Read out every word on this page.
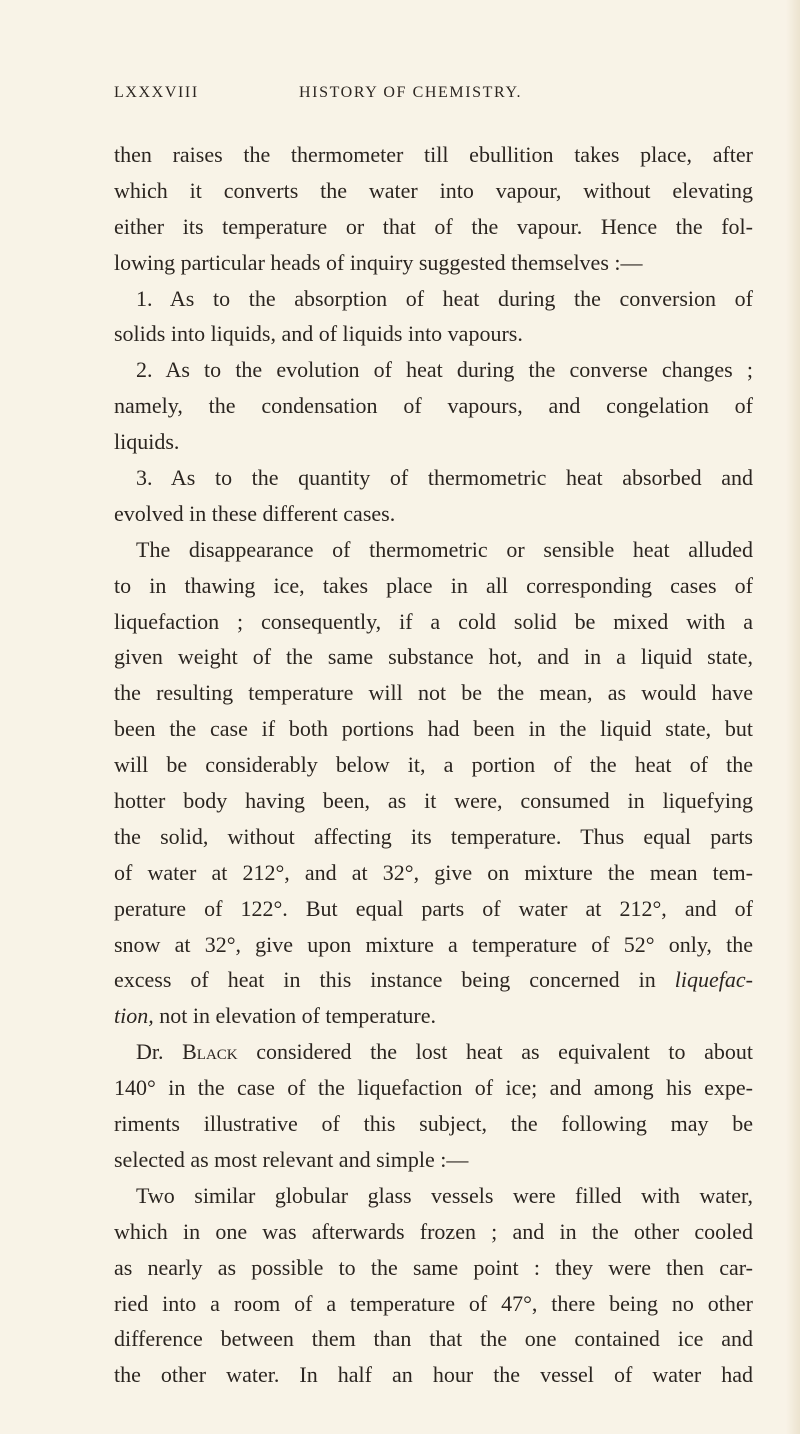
LXXXVIII	HISTORY OF CHEMISTRY.
then raises the thermometer till ebullition takes place, after
which it converts the water into vapour, without elevating
either its temperature or that of the vapour. Hence the fol-
lowing particular heads of inquiry suggested themselves :—
1. As to the absorption of heat during the conversion of
solids into liquids, and of liquids into vapours.
2. As to the evolution of heat during the converse changes ;
namely, the condensation of vapours, and congelation of
liquids.
3. As to the quantity of thermometric heat absorbed and
evolved in these different cases.
The disappearance of thermometric or sensible heat alluded
to in thawing ice, takes place in all corresponding cases of
liquefaction ; consequently, if a cold solid be mixed with a
given weight of the same substance hot, and in a liquid state,
the resulting temperature will not be the mean, as would have
been the case if both portions had been in the liquid state, but
will be considerably below it, a portion of the heat of the
hotter body having been, as it were, consumed in liquefying
the solid, without affecting its temperature. Thus equal parts
of water at 212°, and at 32°, give on mixture the mean tem-
perature of 122°. But equal parts of water at 212°, and of
snow at 32°, give upon mixture a temperature of 52° only, the
excess of heat in this instance being concerned in liquefac-
tion, not in elevation of temperature.
Dr. Black considered the lost heat as equivalent to about
140° in the case of the liquefaction of ice; and among his expe-
riments illustrative of this subject, the following may be
selected as most relevant and simple :—
Two similar globular glass vessels were filled with water,
which in one was afterwards frozen ; and in the other cooled
as nearly as possible to the same point : they were then car-
ried into a room of a temperature of 47°, there being no other
difference between them than that the one contained ice and
the other water. In half an hour the vessel of water had
